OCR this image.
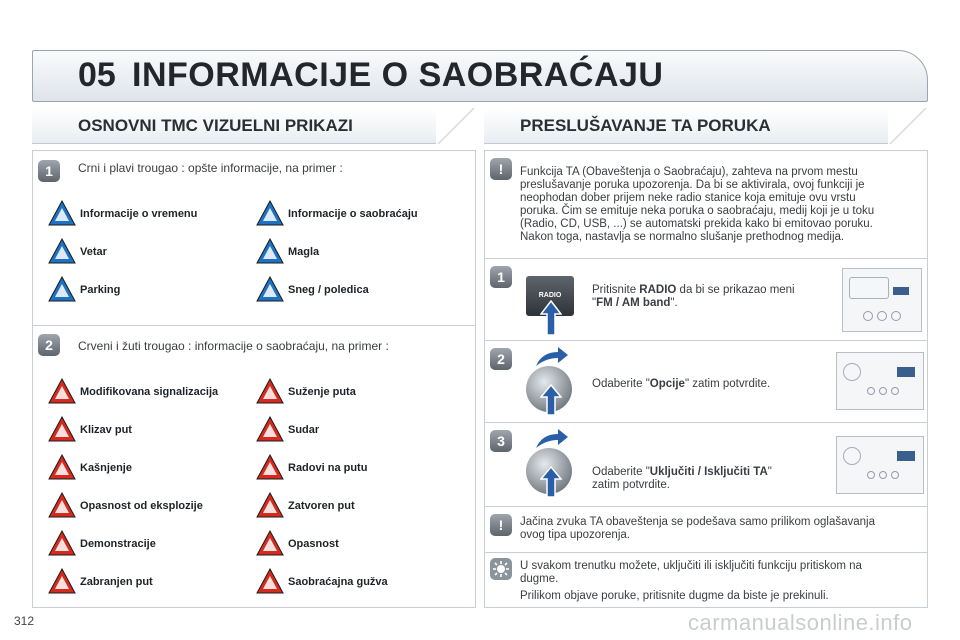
05 INFORMACIJE O SAOBRAĆAJU
OSNOVNI TMC VIZUELNI PRIKAZI	PRESLUŠAVANJE TA PORUKA
1	Crni i plavi trougao : opšte informacije, na primer :
2	Crveni i žuti trougao : informacije o saobraćaju, na primer :
Informacije o vremenu	Informacije o saobraćaju
Vetar	Magla
Parking	Sneg / poledica
Modifikovana signalizacija	Suženje puta
Klizav put	Sudar
Kašnjenje	Radovi na putu
Opasnost od eksplozije	Zatvoren put
Demonstracije	Opasnost
Zabranjen put	Saobraćajna gužva
!	Funkcija TA (Obaveštenja o Saobraćaju), zahteva na prvom mestu
preslušavanje poruka upozorenja. Da bi se aktivirala, ovoj funkciji je
neophodan dober prijem neke radio stanice koja emituje ovu vrstu
poruka. Čim se emituje neka poruka o saobraćaju, medij koji je u toku
(Radio, CD, USB, ...) se automatski prekida kako bi emitovao poruku.
Nakon toga, nastavlja se normalno slušanje prethodnog medija.
1
RADIO	Pritisnite RADIO da bi se prikazao meni
"FM / AM band".
2
Odaberite "Opcije" zatim potvrdite.
3
Odaberite "Uključiti / Isključiti TA"
zatim potvrdite.
!	Jačina zvuka TA obaveštenja se podešava samo prilikom oglašavanja
ovog tipa upozorenja.
U svakom trenutku možete, uključiti ili isključiti funkciju pritiskom na
dugme.
Prilikom objave poruke, pritisnite dugme da biste je prekinuli.
312	carmanualsonline.info
